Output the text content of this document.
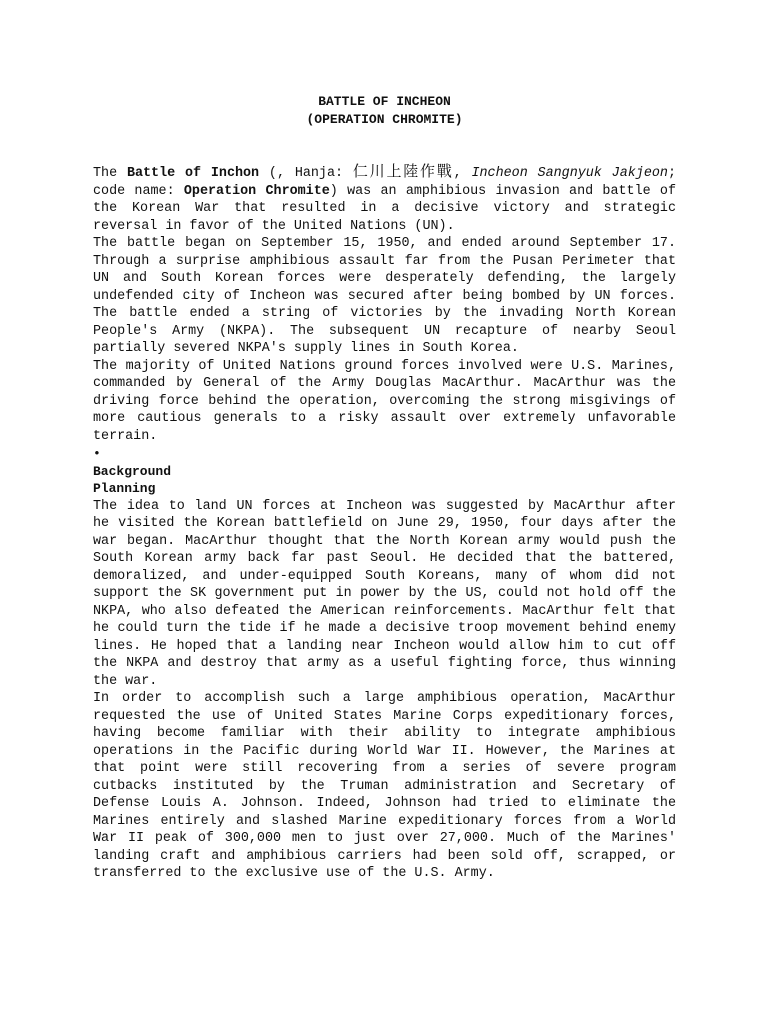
BATTLE OF INCHEON
(OPERATION CHROMITE)

The Battle of Inchon (, Hanja: 仁川上陸作戰, Incheon Sangnyuk Jakjeon; code name: Operation Chromite) was an amphibious invasion and battle of the Korean War that resulted in a decisive victory and strategic reversal in favor of the United Nations (UN).

The battle began on September 15, 1950, and ended around September 17. Through a surprise amphibious assault far from the Pusan Perimeter that UN and South Korean forces were desperately defending, the largely undefended city of Incheon was secured after being bombed by UN forces. The battle ended a string of victories by the invading North Korean People's Army (NKPA). The subsequent UN recapture of nearby Seoul partially severed NKPA's supply lines in South Korea.

The majority of United Nations ground forces involved were U.S. Marines, commanded by General of the Army Douglas MacArthur. MacArthur was the driving force behind the operation, overcoming the strong misgivings of more cautious generals to a risky assault over extremely unfavorable terrain.

•
Background
Planning

The idea to land UN forces at Incheon was suggested by MacArthur after he visited the Korean battlefield on June 29, 1950, four days after the war began. MacArthur thought that the North Korean army would push the South Korean army back far past Seoul. He decided that the battered, demoralized, and under-equipped South Koreans, many of whom did not support the SK government put in power by the US, could not hold off the NKPA, who also defeated the American reinforcements. MacArthur felt that he could turn the tide if he made a decisive troop movement behind enemy lines. He hoped that a landing near Incheon would allow him to cut off the NKPA and destroy that army as a useful fighting force, thus winning the war.

In order to accomplish such a large amphibious operation, MacArthur requested the use of United States Marine Corps expeditionary forces, having become familiar with their ability to integrate amphibious operations in the Pacific during World War II. However, the Marines at that point were still recovering from a series of severe program cutbacks instituted by the Truman administration and Secretary of Defense Louis A. Johnson. Indeed, Johnson had tried to eliminate the Marines entirely and slashed Marine expeditionary forces from a World War II peak of 300,000 men to just over 27,000. Much of the Marines' landing craft and amphibious carriers had been sold off, scrapped, or transferred to the exclusive use of the U.S. Army.
